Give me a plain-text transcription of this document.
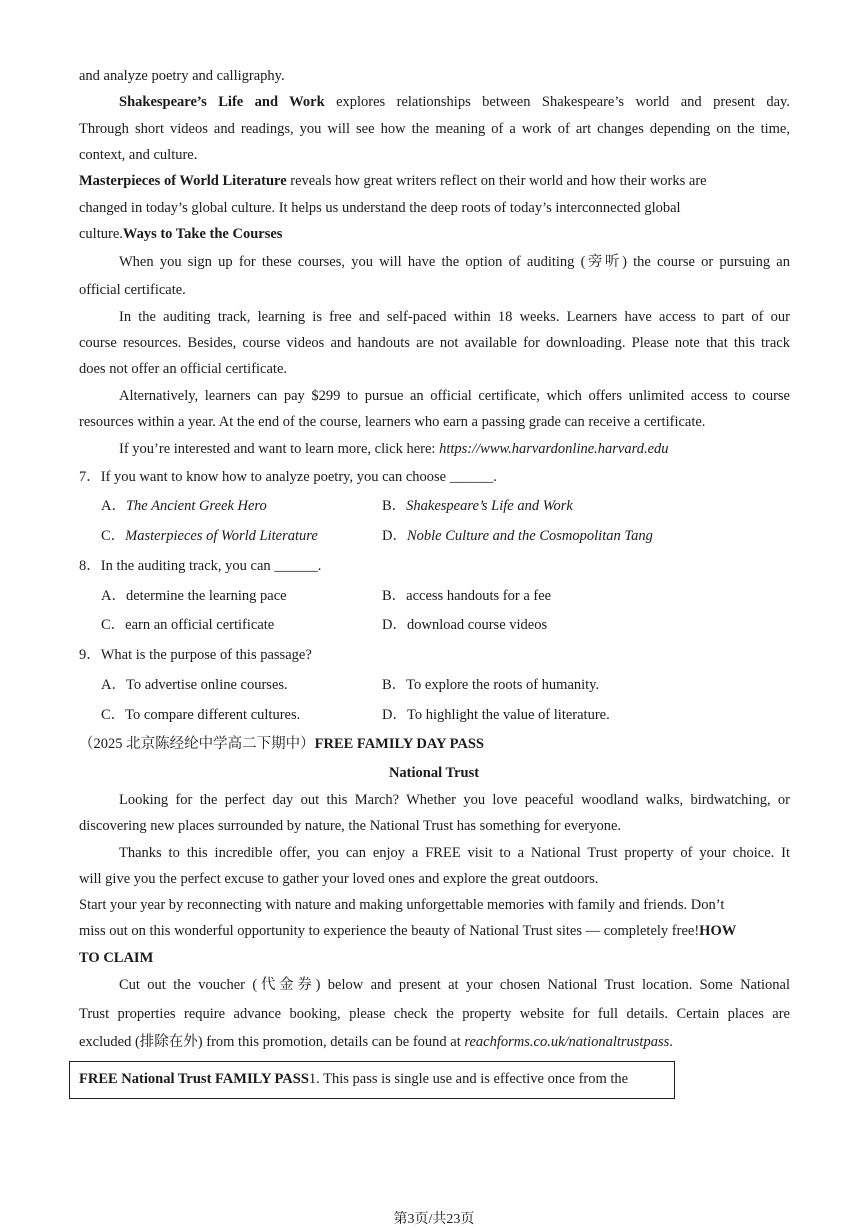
and analyze poetry and calligraphy.
Shakespeare’s Life and Work explores relationships between Shakespeare’s world and present day.
Through short videos and readings, you will see how the meaning of a work of art changes depending on the time,
context, and culture.
Masterpieces of World Literature reveals how great writers reflect on their world and how their works are
changed in today’s global culture. It helps us understand the deep roots of today’s interconnected global
culture.Ways to Take the Courses
When you sign up for these courses, you will have the option of auditing (旁听) the course or pursuing an
official certificate.
In the auditing track, learning is free and self-paced within 18 weeks. Learners have access to part of our
course resources. Besides, course videos and handouts are not available for downloading. Please note that this track
does not offer an official certificate.
Alternatively, learners can pay $299 to pursue an official certificate, which offers unlimited access to course
resources within a year. At the end of the course, learners who earn a passing grade can receive a certificate.
If you’re interested and want to learn more, click here: https://www.harvardonline.harvard.edu
7．If you want to know how to analyze poetry, you can choose ______.
A．The Ancient Greek Hero	B．Shakespeare’s Life and Work
C．Masterpieces of World Literature	D．Noble Culture and the Cosmopolitan Tang
8．In the auditing track, you can ______.
A．determine the learning pace	B．access handouts for a fee
C．earn an official certificate	D．download course videos
9．What is the purpose of this passage?
A．To advertise online courses.	B．To explore the roots of humanity.
C．To compare different cultures.	D．To highlight the value of literature.
（2025 北京陈经纶中学高二下期中）FREE FAMILY DAY PASS
National Trust
Looking for the perfect day out this March? Whether you love peaceful woodland walks, birdwatching, or
discovering new places surrounded by nature, the National Trust has something for everyone.
Thanks to this incredible offer, you can enjoy a FREE visit to a National Trust property of your choice. It
will give you the perfect excuse to gather your loved ones and explore the great outdoors.
Start your year by reconnecting with nature and making unforgettable memories with family and friends. Don’t
miss out on this wonderful opportunity to experience the beauty of National Trust sites — completely free!HOW
TO CLAIM
Cut out the voucher (代金券) below and present at your chosen National Trust location. Some National
Trust properties require advance booking, please check the property website for full details. Certain places are
excluded (排除在外) from this promotion, details can be found at reachforms.co.uk/nationaltrustpass.
FREE National Trust FAMILY PASS1. This pass is single use and is effective once from the
第3页/共23页
